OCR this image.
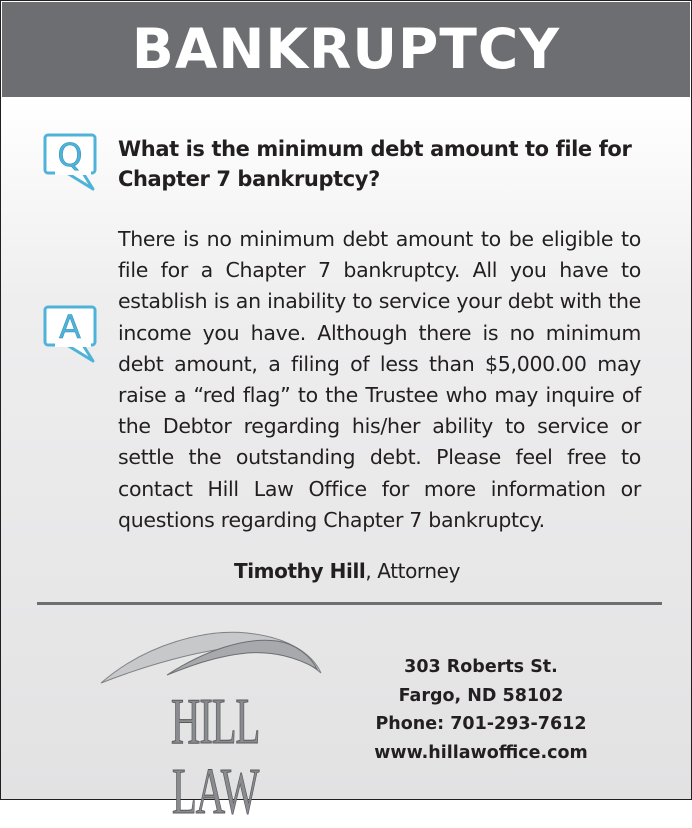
BANKRUPTCY
Q What is the minimum debt amount to file for Chapter 7 bankruptcy?
A
There is no minimum debt amount to be eligible to file for a Chapter 7 bankruptcy. All you have to establish is an inability to service your debt with the income you have. Although there is no minimum debt amount, a filing of less than $5,000.00 may raise a “red flag” to the Trustee who may inquire of the Debtor regarding his/her ability to service or settle the outstanding debt. Please feel free to contact Hill Law Office for more information or questions regarding Chapter 7 bankruptcy.
Timothy Hill, Attorney
HILL LAW
303 Roberts St.
Fargo, ND 58102
Phone: 701-293-7612
www.hillawoffice.com
